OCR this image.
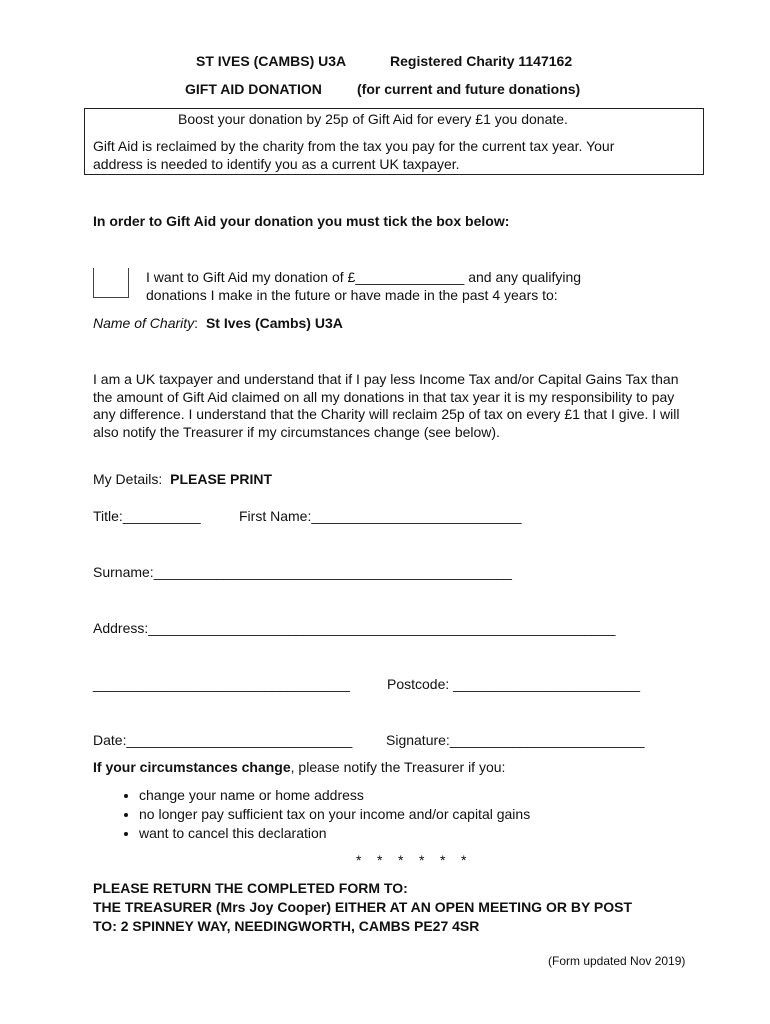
ST IVES (CAMBS) U3A	Registered Charity 1147162
GIFT AID DONATION	(for current and future donations)
Boost your donation by 25p of Gift Aid for every £1 you donate.
Gift Aid is reclaimed by the charity from the tax you pay for the current tax year. Your
address is needed to identify you as a current UK taxpayer.
In order to Gift Aid your donation you must tick the box below:
I want to Gift Aid my donation of £______________ and any qualifying
donations I make in the future or have made in the past 4 years to:
Name of Charity: St Ives (Cambs) U3A
I am a UK taxpayer and understand that if I pay less Income Tax and/or Capital Gains Tax than the amount of Gift Aid claimed on all my donations in that tax year it is my responsibility to pay any difference. I understand that the Charity will reclaim 25p of tax on every £1 that I give. I will also notify the Treasurer if my circumstances change (see below).
My Details: PLEASE PRINT
Title:__________	First Name:___________________________
Surname:______________________________________________
Address:____________________________________________________________
_________________________________	Postcode: ________________________
Date:_____________________________ Signature:_________________________
If your circumstances change, please notify the Treasurer if you:
• change your name or home address
• no longer pay sufficient tax on your income and/or capital gains
• want to cancel this declaration
*    *    *    *    *    *
PLEASE RETURN THE COMPLETED FORM TO:
THE TREASURER (Mrs Joy Cooper) EITHER AT AN OPEN MEETING OR BY POST
TO: 2 SPINNEY WAY, NEEDINGWORTH, CAMBS PE27 4SR
(Form updated Nov 2019)
